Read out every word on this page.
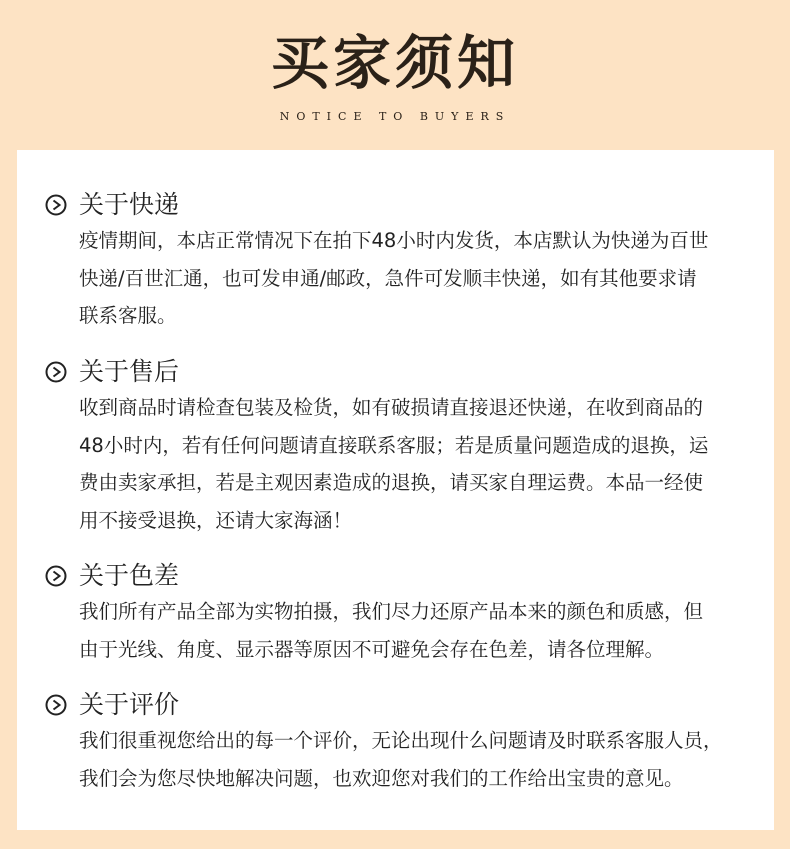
买家须知
NOTICE TO BUYERS
关于快递
疫情期间，本店正常情况下在拍下48小时内发货，本店默认为快递为百世
快递/百世汇通，也可发申通/邮政，急件可发顺丰快递，如有其他要求请
联系客服。
关于售后
收到商品时请检查包装及检货，如有破损请直接退还快递，在收到商品的
48小时内，若有任何问题请直接联系客服；若是质量问题造成的退换，运
费由卖家承担，若是主观因素造成的退换，请买家自理运费。本品一经使
用不接受退换，还请大家海涵！
关于色差
我们所有产品全部为实物拍摄，我们尽力还原产品本来的颜色和质感，但
由于光线、角度、显示器等原因不可避免会存在色差，请各位理解。
关于评价
我们很重视您给出的每一个评价，无论出现什么问题请及时联系客服人员，
我们会为您尽快地解决问题，也欢迎您对我们的工作给出宝贵的意见。
